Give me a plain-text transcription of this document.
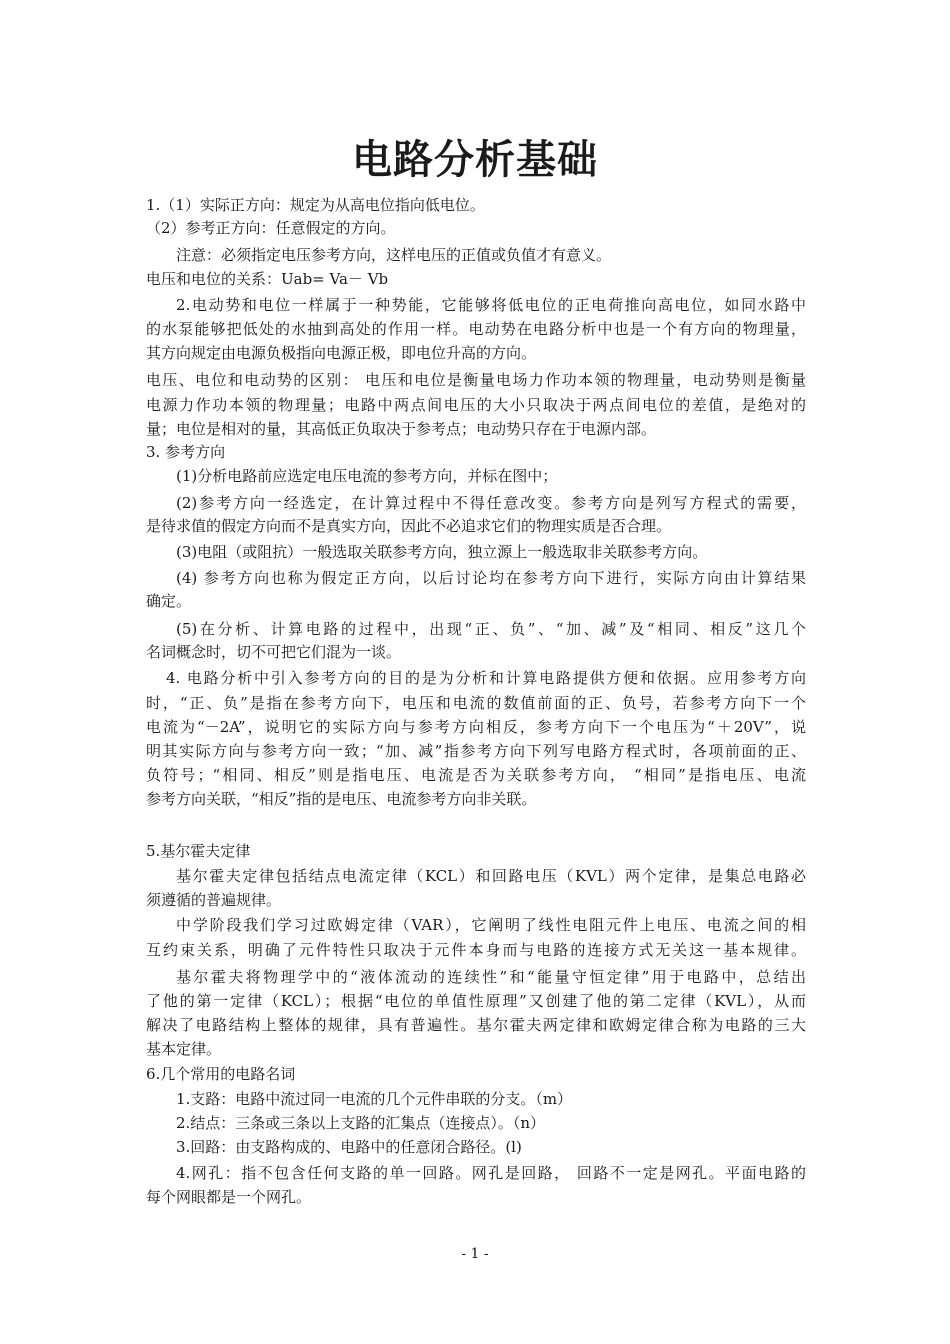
电路分析基础
1.（1）实际正方向：规定为从高电位指向低电位。
（2）参考正方向：任意假定的方向。
注意：必须指定电压参考方向，这样电压的正值或负值才有意义。
电压和电位的关系：Uab= Va－ Vb
2.电动势和电位一样属于一种势能，它能够将低电位的正电荷推向高电位，如同水路中
的水泵能够把低处的水抽到高处的作用一样。电动势在电路分析中也是一个有方向的物理量，
其方向规定由电源负极指向电源正极，即电位升高的方向。
电压、电位和电动势的区别： 电压和电位是衡量电场力作功本领的物理量，电动势则是衡量
电源力作功本领的物理量；电路中两点间电压的大小只取决于两点间电位的差值，是绝对的
量；电位是相对的量，其高低正负取决于参考点；电动势只存在于电源内部。
3. 参考方向
(1)分析电路前应选定电压电流的参考方向，并标在图中；
(2)参考方向一经选定，在计算过程中不得任意改变。参考方向是列写方程式的需要，
是待求值的假定方向而不是真实方向，因此不必追求它们的物理实质是否合理。
(3)电阻（或阻抗）一般选取关联参考方向，独立源上一般选取非关联参考方向。
(4) 参考方向也称为假定正方向，以后讨论均在参考方向下进行，实际方向由计算结果
确定。
(5)在分析、计算电路的过程中，出现“正、负”、“加、减”及“相同、相反”这几个
名词概念时，切不可把它们混为一谈。
4. 电路分析中引入参考方向的目的是为分析和计算电路提供方便和依据。应用参考方向
时，“正、负”是指在参考方向下，电压和电流的数值前面的正、负号，若参考方向下一个
电流为“－2A”，说明它的实际方向与参考方向相反，参考方向下一个电压为“＋20V”，说
明其实际方向与参考方向一致；“加、减”指参考方向下列写电路方程式时，各项前面的正、
负符号；“相同、相反”则是指电压、电流是否为关联参考方向， “相同”是指电压、电流
参考方向关联，“相反”指的是电压、电流参考方向非关联。
5.基尔霍夫定律
基尔霍夫定律包括结点电流定律（KCL）和回路电压（KVL）两个定律，是集总电路必
须遵循的普遍规律。
中学阶段我们学习过欧姆定律（VAR），它阐明了线性电阻元件上电压、电流之间的相
互约束关系，明确了元件特性只取决于元件本身而与电路的连接方式无关这一基本规律。
基尔霍夫将物理学中的“液体流动的连续性”和“能量守恒定律”用于电路中，总结出
了他的第一定律（KCL）；根据“电位的单值性原理”又创建了他的第二定律（KVL），从而
解决了电路结构上整体的规律，具有普遍性。基尔霍夫两定律和欧姆定律合称为电路的三大
基本定律。
6.几个常用的电路名词
1.支路：电路中流过同一电流的几个元件串联的分支。（m）
2.结点：三条或三条以上支路的汇集点（连接点）。（n）
3.回路：由支路构成的、电路中的任意闭合路径。(l)
4.网孔：指不包含任何支路的单一回路。网孔是回路， 回路不一定是网孔。平面电路的
每个网眼都是一个网孔。
- 1 -
